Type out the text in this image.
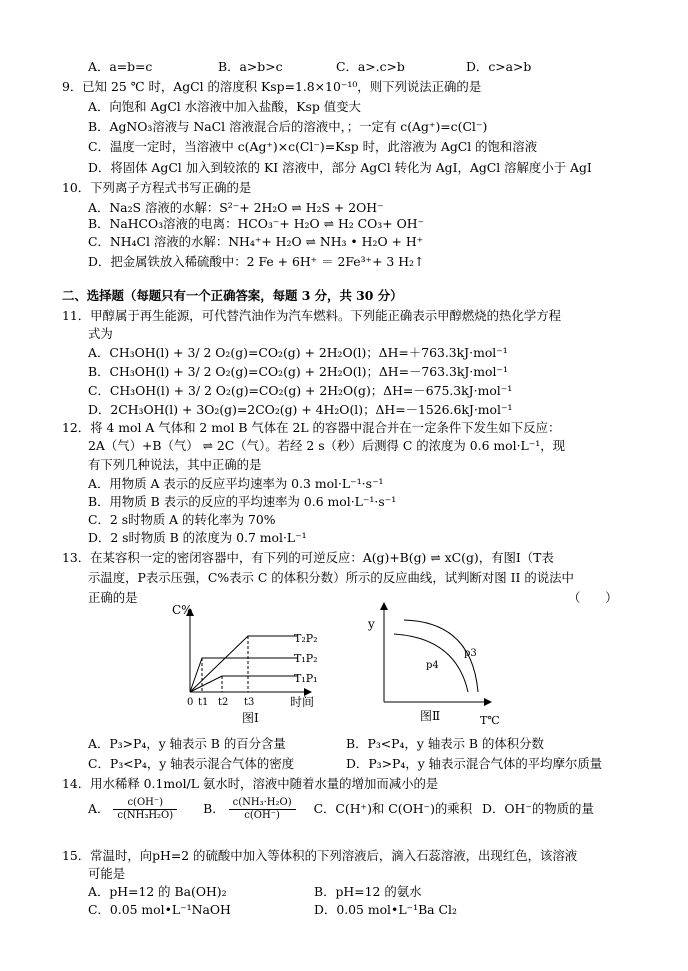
A．a=b=c	B．a>b>c	C．a>.c>b	D．c>a>b
9．已知 25 ℃ 时，AgCl 的溶度积 Ksp=1.8×10⁻¹⁰，则下列说法正确的是
A．向饱和 AgCl 水溶液中加入盐酸，Ksp 值变大
B．AgNO₃溶液与 NaCl 溶液混合后的溶液中，；一定有 c(Ag⁺)=c(Cl⁻)
C．温度一定时，当溶液中 c(Ag⁺)×c(Cl⁻)=Ksp 时，此溶液为 AgCl 的饱和溶液
D．将固体 AgCl 加入到较浓的 KI 溶液中，部分 AgCl 转化为 AgI，AgCl 溶解度小于 AgI
10．下列离子方程式书写正确的是
A．Na₂S 溶液的水解：S²⁻+ 2H₂O ⇌ H₂S + 2OH⁻
B．NaHCO₃溶液的电离：HCO₃⁻+ H₂O ⇌ H₂ CO₃+ OH⁻
C．NH₄Cl 溶液的水解：NH₄⁺+ H₂O ⇌ NH₃ • H₂O + H⁺
D．把金属铁放入稀硫酸中：2 Fe + 6H⁺ ＝ 2Fe³⁺+ 3 H₂↑
二、选择题（每题只有一个正确答案，每题 3 分，共 30 分）
11．甲醇属于再生能源，可代替汽油作为汽车燃料。下列能正确表示甲醇燃烧的热化学方程
式为
A．CH₃OH(l) + 3/ 2 O₂(g)=CO₂(g) + 2H₂O(l)；ΔH=＋763.3kJ·mol⁻¹
B．CH₃OH(l) + 3/ 2 O₂(g)=CO₂(g) + 2H₂O(l)；ΔH=－763.3kJ·mol⁻¹
C．CH₃OH(l) + 3/ 2 O₂(g)=CO₂(g) + 2H₂O(g)；ΔH=－675.3kJ·mol⁻¹
D．2CH₃OH(l) + 3O₂(g)=2CO₂(g) + 4H₂O(l)；ΔH=－1526.6kJ·mol⁻¹
12．将 4 mol A 气体和 2 mol B 气体在 2L 的容器中混合并在一定条件下发生如下反应：
2A（气）+B（气） ⇌ 2C（气）。若经 2 s（秒）后测得 C 的浓度为 0.6 mol·L⁻¹，现
有下列几种说法，其中正确的是
A．用物质 A 表示的反应平均速率为 0.3 mol·L⁻¹·s⁻¹
B．用物质 B 表示的反应的平均速率为 0.6 mol·L⁻¹·s⁻¹
C．2 s时物质 A 的转化率为 70%
D．2 s时物质 B 的浓度为 0.7 mol·L⁻¹
13．在某容积一定的密闭容器中，有下列的可逆反应：A(g)+B(g) ⇌ xC(g)，有图Ⅰ（T表
示温度，P表示压强，C%表示 C 的体积分数）所示的反应曲线，试判断对图 II 的说法中
正确的是	（　　）
C%
T₂P₂
T₁P₂
T₁P₁
0 t1 t2 t3	时间
图Ⅰ
y
p4
p3
图Ⅱ	T℃
A．P₃>P₄，y 轴表示 B 的百分含量	B．P₃<P₄，y 轴表示 B 的体积分数
C．P₃<P₄，y 轴表示混合气体的密度	D．P₃>P₄，y 轴表示混合气体的平均摩尔质量
14．用水稀释 0.1mol/L 氨水时，溶液中随着水量的增加而减小的是
A． $\frac{c(OH^-)}{\text{c(NH₃H₂O)}}$ B． $\frac{\text{c(NH₃·H₂O)}}{c(OH^-)}$ C．C(H⁺)和 C(OH⁻)的乘积 D．OH⁻的物质的量
15．常温时，向pH=2 的硫酸中加入等体积的下列溶液后，滴入石蕊溶液，出现红色，该溶液
可能是
A．pH=12 的 Ba(OH)₂	B．pH=12 的氨水
C．0.05 mol•L⁻¹NaOH	D．0.05 mol•L⁻¹Ba Cl₂
